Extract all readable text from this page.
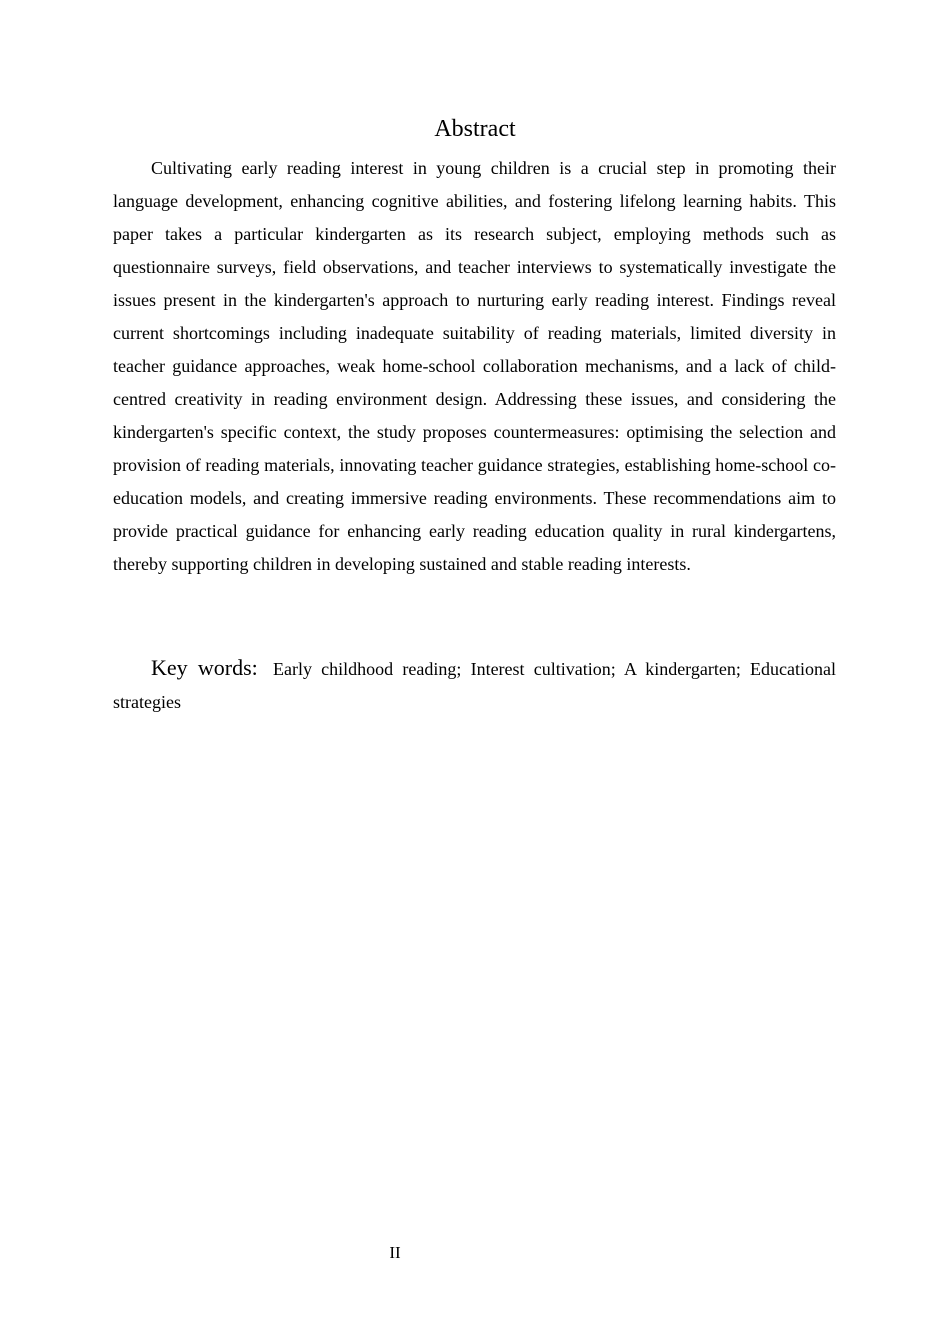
Abstract

Cultivating early reading interest in young children is a crucial step in promoting their language development, enhancing cognitive abilities, and fostering lifelong learning habits. This paper takes a particular kindergarten as its research subject, employing methods such as questionnaire surveys, field observations, and teacher interviews to systematically investigate the issues present in the kindergarten's approach to nurturing early reading interest. Findings reveal current shortcomings including inadequate suitability of reading materials, limited diversity in teacher guidance approaches, weak home-school collaboration mechanisms, and a lack of child-centred creativity in reading environment design. Addressing these issues, and considering the kindergarten's specific context, the study proposes countermeasures: optimising the selection and provision of reading materials, innovating teacher guidance strategies, establishing home-school co-education models, and creating immersive reading environments. These recommendations aim to provide practical guidance for enhancing early reading education quality in rural kindergartens, thereby supporting children in developing sustained and stable reading interests.

Key words: Early childhood reading; Interest cultivation; A kindergarten; Educational strategies

II
